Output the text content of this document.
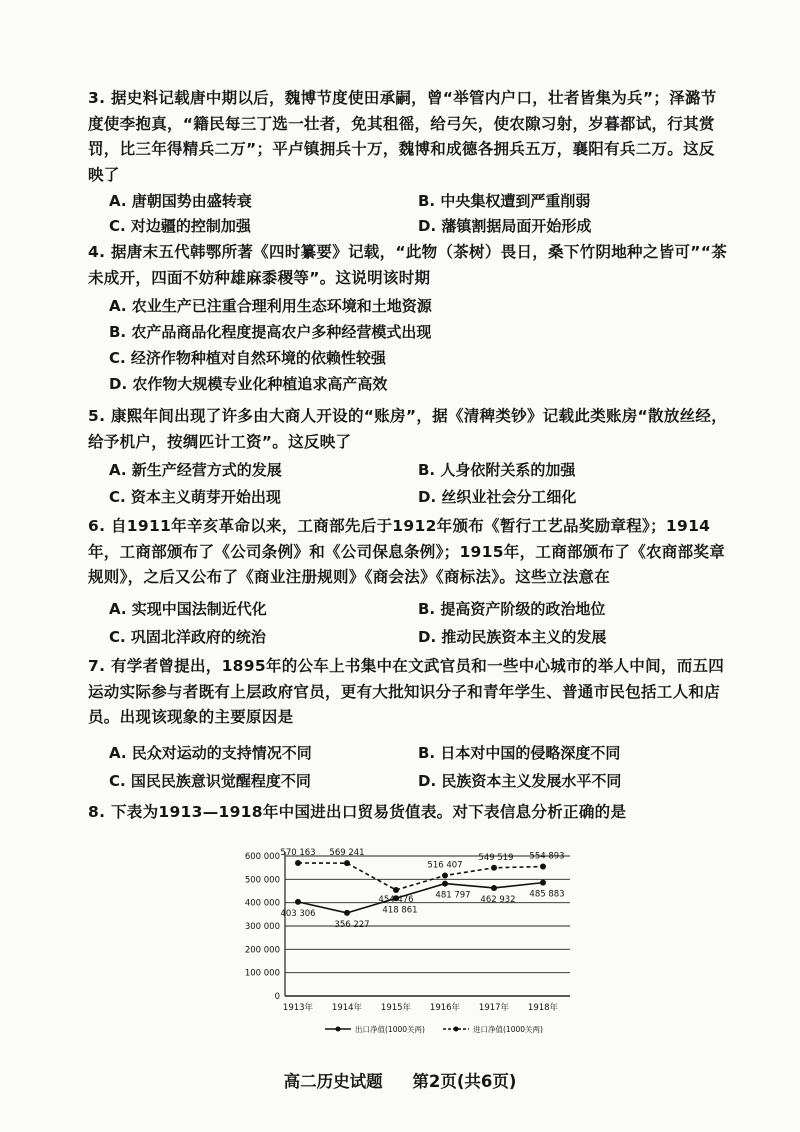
3. 据史料记载唐中期以后，魏博节度使田承嗣，曾“举管内户口，壮者皆集为兵”；泽潞节度使李抱真，“籍民每三丁选一壮者，免其租徭，给弓矢，使农隙习射，岁暮都试，行其赏罚，比三年得精兵二万”；平卢镇拥兵十万，魏博和成德各拥兵五万，襄阳有兵二万。这反映了
A. 唐朝国势由盛转衰	B. 中央集权遭到严重削弱
C. 对边疆的控制加强	D. 藩镇割据局面开始形成
4. 据唐末五代韩鄂所著《四时纂要》记载，“此物（茶树）畏日，桑下竹阴地种之皆可”“茶未成开，四面不妨种雄麻黍稷等”。这说明该时期
A. 农业生产已注重合理利用生态环境和土地资源
B. 农产品商品化程度提高农户多种经营模式出现
C. 经济作物种植对自然环境的依赖性较强
D. 农作物大规模专业化种植追求高产高效
5. 康熙年间出现了许多由大商人开设的“账房”，据《清稗类钞》记载此类账房“散放丝经，给予机户，按绸匹计工资”。这反映了
A. 新生产经营方式的发展	B. 人身依附关系的加强
C. 资本主义萌芽开始出现	D. 丝织业社会分工细化
6. 自1911年辛亥革命以来，工商部先后于1912年颁布《暂行工艺品奖励章程》；1914年，工商部颁布了《公司条例》和《公司保息条例》；1915年，工商部颁布了《农商部奖章规则》，之后又公布了《商业注册规则》《商会法》《商标法》。这些立法意在
A. 实现中国法制近代化	B. 提高资产阶级的政治地位
C. 巩固北洋政府的统治	D. 推动民族资本主义的发展
7. 有学者曾提出，1895年的公车上书集中在文武官员和一些中心城市的举人中间，而五四运动实际参与者既有上层政府官员，更有大批知识分子和青年学生、普通市民包括工人和店员。出现该现象的主要原因是
A. 民众对运动的支持情况不同	B. 日本对中国的侵略深度不同
C. 国民民族意识觉醒程度不同	D. 民族资本主义发展水平不同
8. 下表为1913—1918年中国进出口贸易货值表。对下表信息分析正确的是
0
100 000
200 000
300 000
400 000
500 000
600 000
1913年 1914年 1915年 1916年 1917年 1918年
403 306
356 227
418 861
481 797 462 932
485 883
570 163 569 241
454 476
516 407
549 519 554 893
出口净值(1000关两)	进口净值(1000关两)
高二历史试题 第2页(共6页)
